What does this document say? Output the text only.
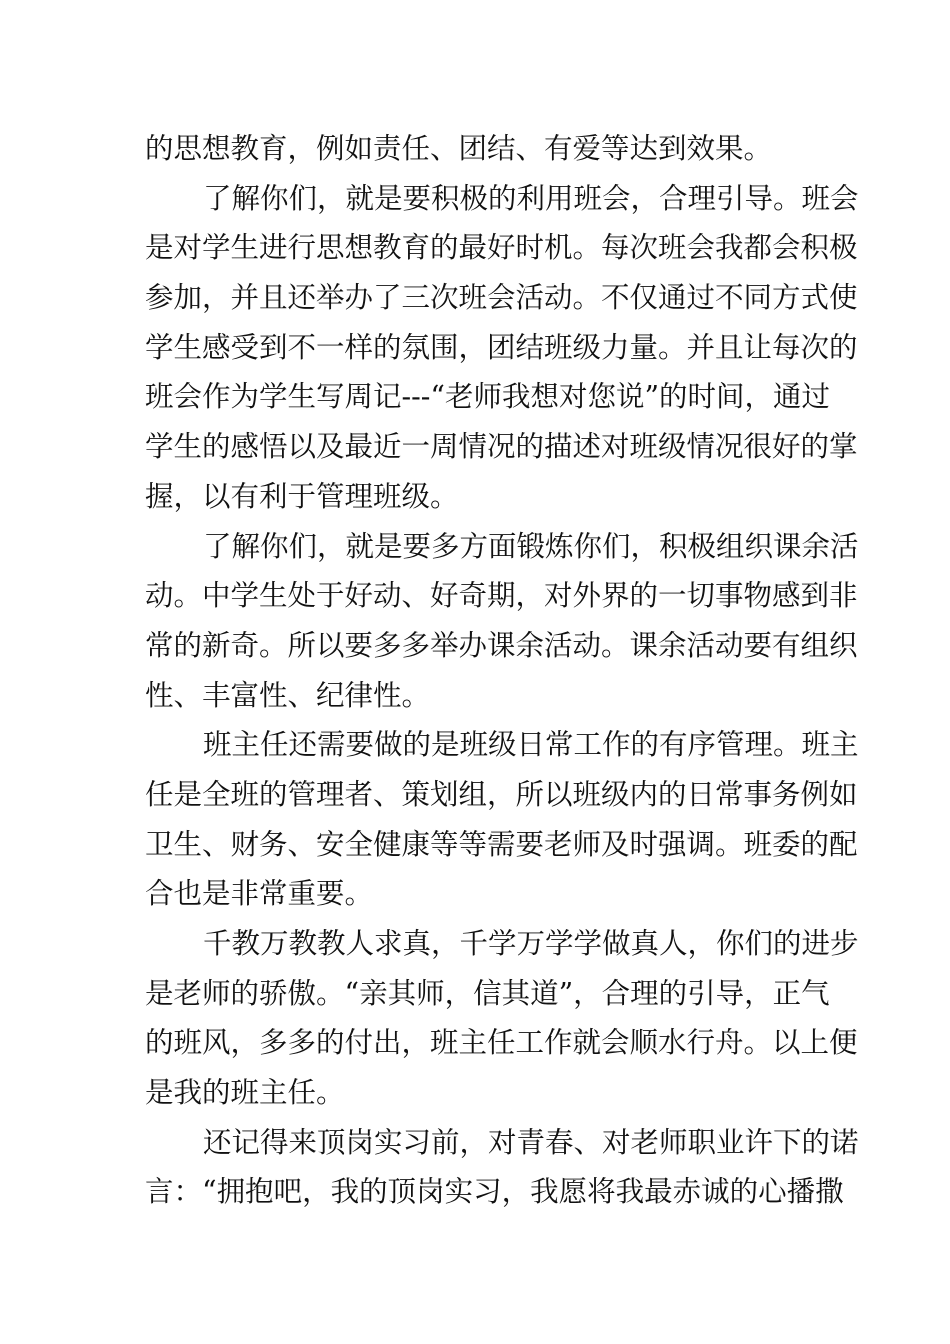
的思想教育，例如责任、团结、有爱等达到效果。
了解你们，就是要积极的利用班会，合理引导。班会
是对学生进行思想教育的最好时机。每次班会我都会积极
参加，并且还举办了三次班会活动。不仅通过不同方式使
学生感受到不一样的氛围，团结班级力量。并且让每次的
班会作为学生写周记---“老师我想对您说”的时间，通过
学生的感悟以及最近一周情况的描述对班级情况很好的掌
握，以有利于管理班级。
了解你们，就是要多方面锻炼你们，积极组织课余活
动。中学生处于好动、好奇期，对外界的一切事物感到非
常的新奇。所以要多多举办课余活动。课余活动要有组织
性、丰富性、纪律性。
班主任还需要做的是班级日常工作的有序管理。班主
任是全班的管理者、策划组，所以班级内的日常事务例如
卫生、财务、安全健康等等需要老师及时强调。班委的配
合也是非常重要。
千教万教教人求真，千学万学学做真人，你们的进步
是老师的骄傲。“亲其师，信其道”，合理的引导，正气
的班风，多多的付出，班主任工作就会顺水行舟。以上便
是我的班主任。
还记得来顶岗实习前，对青春、对老师职业许下的诺
言：“拥抱吧，我的顶岗实习，我愿将我最赤诚的心播撒
